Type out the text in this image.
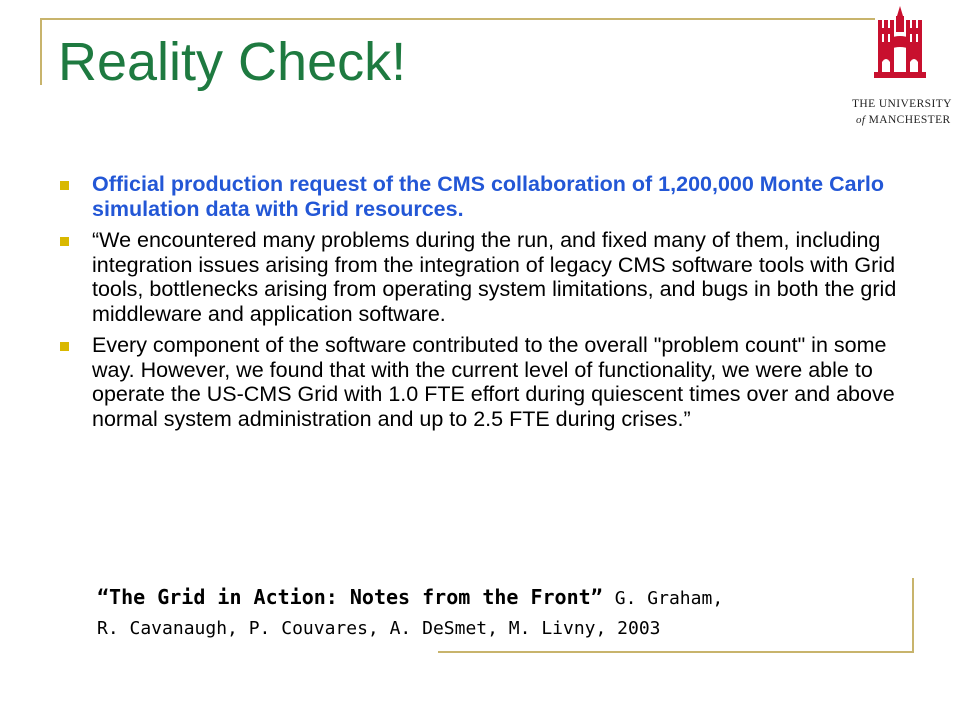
Reality Check!
THE UNIVERSITY
of MANCHESTER
Official production request of the CMS collaboration of 1,200,000 Monte Carlo simulation data with Grid resources.
“We encountered many problems during the run, and fixed many of them, including integration issues arising from the integration of legacy CMS software tools with Grid tools, bottlenecks arising from operating system limitations, and bugs in both the grid middleware and application software.
Every component of the software contributed to the overall "problem count" in some way. However, we found that with the current level of functionality, we were able to operate the US-CMS Grid with 1.0 FTE effort during quiescent times over and above normal system administration and up to 2.5 FTE during crises.”
“The Grid in Action: Notes from the Front” G. Graham,
R. Cavanaugh, P. Couvares, A. DeSmet, M. Livny, 2003
